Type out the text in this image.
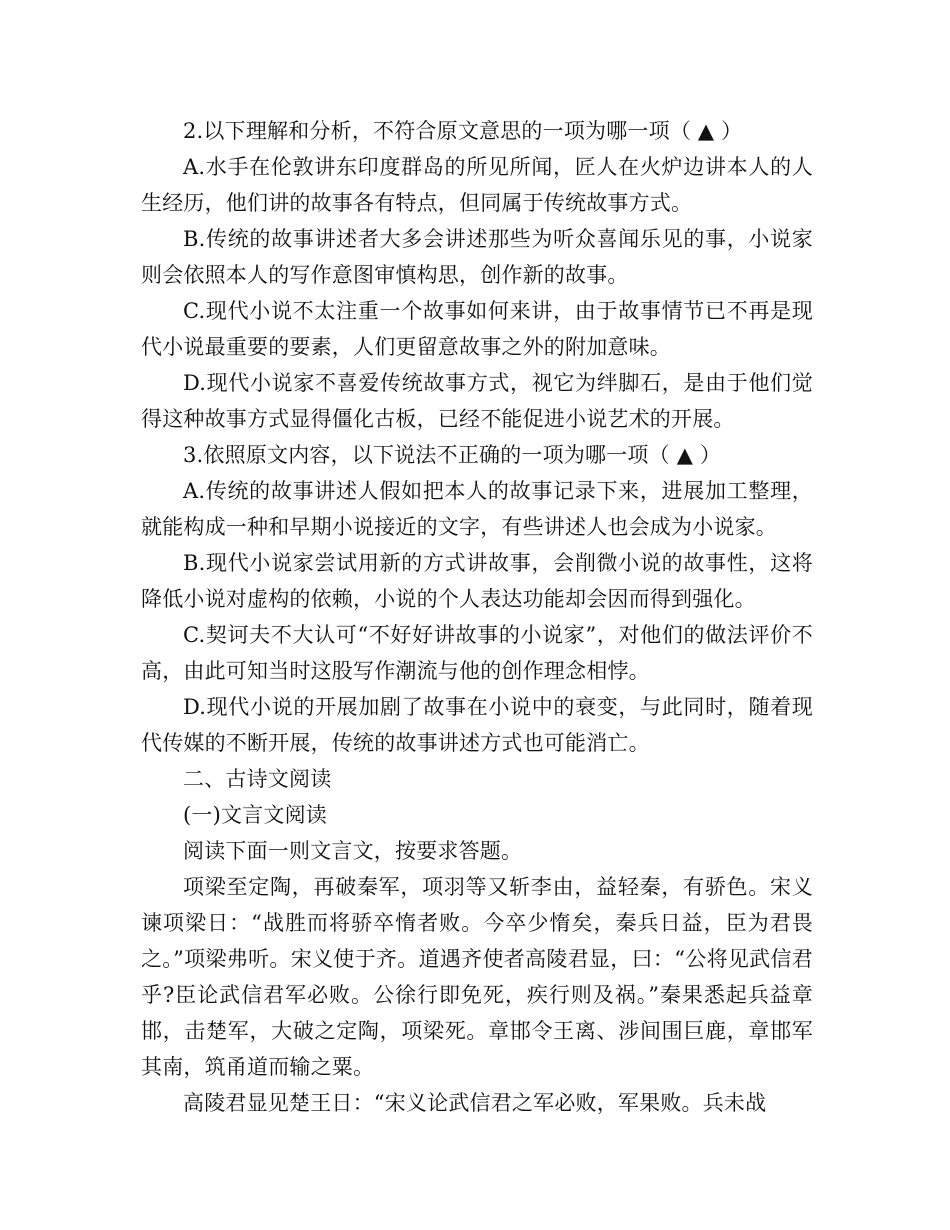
2.以下理解和分析，不符合原文意思的一项为哪一项（ ▲ ）

A.水手在伦敦讲东印度群岛的所见所闻，匠人在火炉边讲本人的人生经历，他们讲的故事各有特点，但同属于传统故事方式。

B.传统的故事讲述者大多会讲述那些为听众喜闻乐见的事，小说家则会依照本人的写作意图审慎构思，创作新的故事。

C.现代小说不太注重一个故事如何来讲，由于故事情节已不再是现代小说最重要的要素，人们更留意故事之外的附加意味。

D.现代小说家不喜爱传统故事方式，视它为绊脚石，是由于他们觉得这种故事方式显得僵化古板，已经不能促进小说艺术的开展。

3.依照原文内容，以下说法不正确的一项为哪一项（ ▲ ）

A.传统的故事讲述人假如把本人的故事记录下来，进展加工整理，就能构成一种和早期小说接近的文字，有些讲述人也会成为小说家。

B.现代小说家尝试用新的方式讲故事，会削微小说的故事性，这将降低小说对虚构的依赖，小说的个人表达功能却会因而得到强化。

C.契诃夫不大认可“不好好讲故事的小说家”，对他们的做法评价不高，由此可知当时这股写作潮流与他的创作理念相悖。

D.现代小说的开展加剧了故事在小说中的衰变，与此同时，随着现代传媒的不断开展，传统的故事讲述方式也可能消亡。

二、古诗文阅读

(一)文言文阅读

阅读下面一则文言文，按要求答题。

项梁至定陶，再破秦军，项羽等又斩李由，益轻秦，有骄色。宋义谏项梁日：“战胜而将骄卒惰者败。今卒少惰矣，秦兵日益，臣为君畏之。”项梁弗听。宋义使于齐。道遇齐使者高陵君显，曰：“公将见武信君乎?臣论武信君军必败。公徐行即免死，疾行则及祸。”秦果悉起兵益章邯，击楚军，大破之定陶，项梁死。章邯令王离、涉间围巨鹿，章邯军其南，筑甬道而输之粟。

高陵君显见楚王日：“宋义论武信君之军必败，军果败。兵未战
